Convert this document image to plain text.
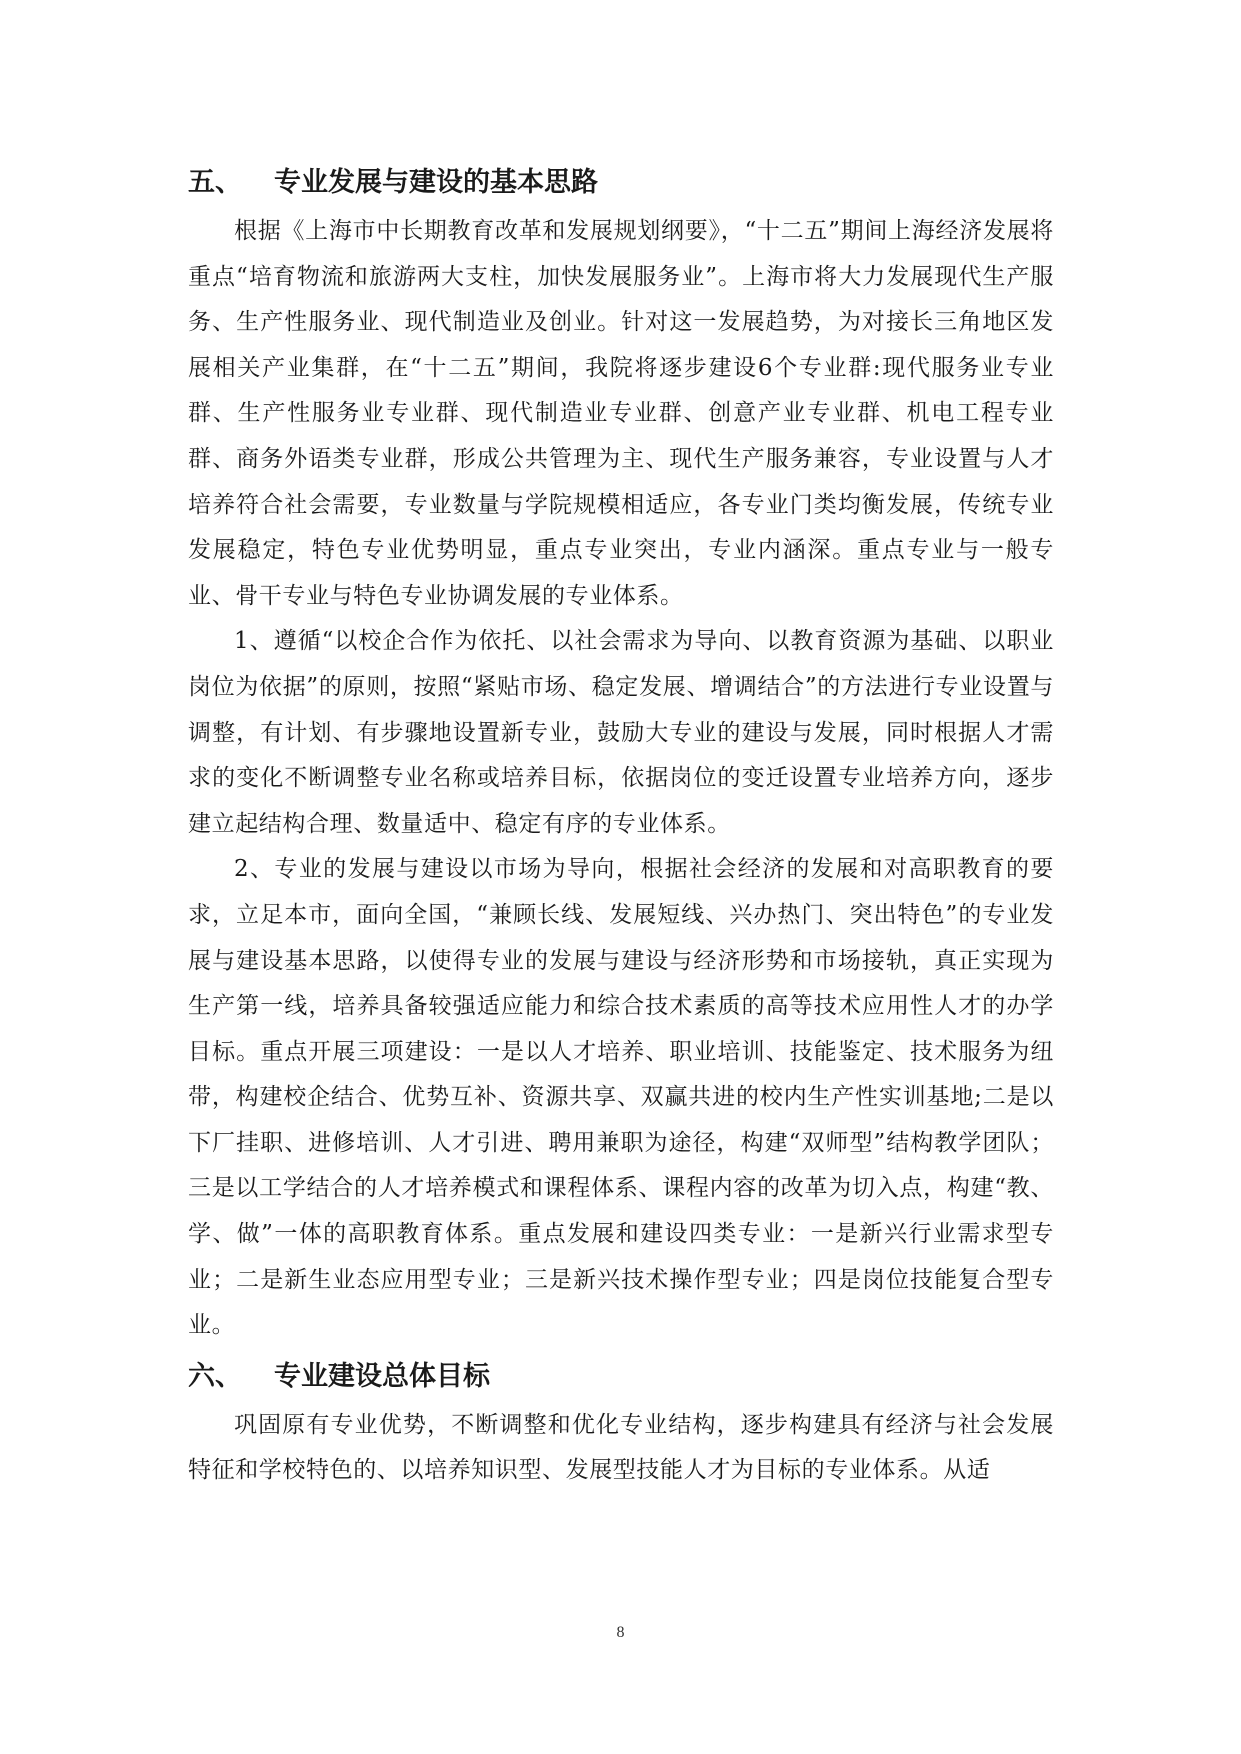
五、	专业发展与建设的基本思路

根据《上海市中长期教育改革和发展规划纲要》，“十二五”期间上海经济发展将重点“培育物流和旅游两大支柱，加快发展服务业”。上海市将大力发展现代生产服务、生产性服务业、现代制造业及创业。针对这一发展趋势，为对接长三角地区发展相关产业集群，在“十二五”期间，我院将逐步建设6个专业群:现代服务业专业群、生产性服务业专业群、现代制造业专业群、创意产业专业群、机电工程专业群、商务外语类专业群，形成公共管理为主、现代生产服务兼容，专业设置与人才培养符合社会需要，专业数量与学院规模相适应，各专业门类均衡发展，传统专业发展稳定，特色专业优势明显，重点专业突出，专业内涵深。重点专业与一般专业、骨干专业与特色专业协调发展的专业体系。

1、遵循“以校企合作为依托、以社会需求为导向、以教育资源为基础、以职业岗位为依据”的原则，按照“紧贴市场、稳定发展、增调结合”的方法进行专业设置与调整，有计划、有步骤地设置新专业，鼓励大专业的建设与发展，同时根据人才需求的变化不断调整专业名称或培养目标，依据岗位的变迁设置专业培养方向，逐步建立起结构合理、数量适中、稳定有序的专业体系。

2、专业的发展与建设以市场为导向，根据社会经济的发展和对高职教育的要求，立足本市，面向全国，“兼顾长线、发展短线、兴办热门、突出特色”的专业发展与建设基本思路，以使得专业的发展与建设与经济形势和市场接轨，真正实现为生产第一线，培养具备较强适应能力和综合技术素质的高等技术应用性人才的办学目标。重点开展三项建设：一是以人才培养、职业培训、技能鉴定、技术服务为纽带，构建校企结合、优势互补、资源共享、双赢共进的校内生产性实训基地;二是以下厂挂职、进修培训、人才引进、聘用兼职为途径，构建“双师型”结构教学团队；三是以工学结合的人才培养模式和课程体系、课程内容的改革为切入点，构建“教、学、做”一体的高职教育体系。重点发展和建设四类专业：一是新兴行业需求型专业；二是新生业态应用型专业；三是新兴技术操作型专业；四是岗位技能复合型专业。

六、	专业建设总体目标

巩固原有专业优势，不断调整和优化专业结构，逐步构建具有经济与社会发展特征和学校特色的、以培养知识型、发展型技能人才为目标的专业体系。从适

8
